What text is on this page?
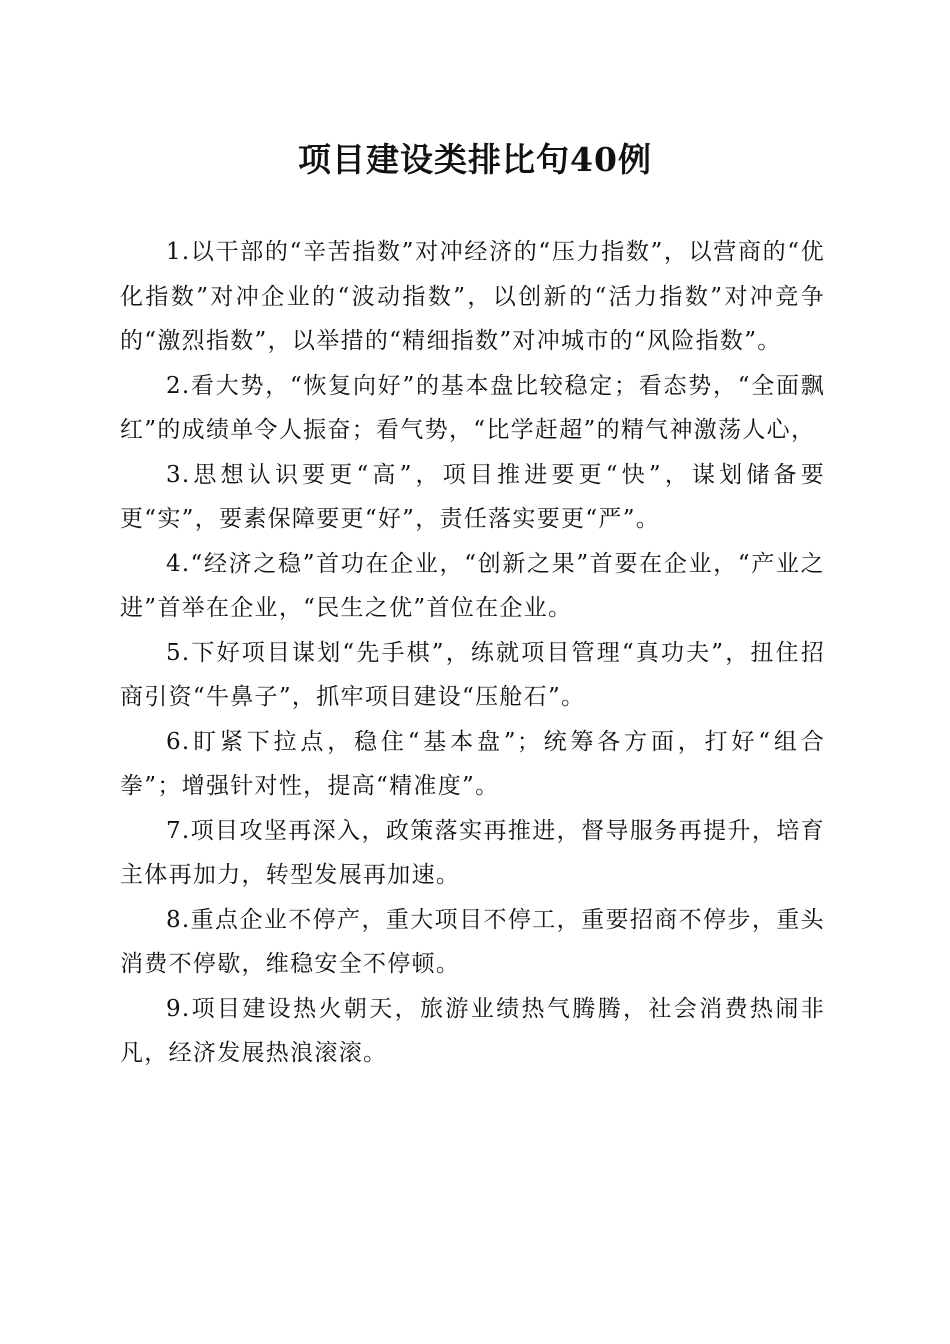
项目建设类排比句40例

1.以干部的“辛苦指数”对冲经济的“压力指数”，以营商的“优化指数”对冲企业的“波动指数”，以创新的“活力指数”对冲竞争的“激烈指数”，以举措的“精细指数”对冲城市的“风险指数”。

2.看大势，“恢复向好”的基本盘比较稳定；看态势，“全面飘红”的成绩单令人振奋；看气势，“比学赶超”的精气神激荡人心，

3.思想认识要更“高”，项目推进要更“快”，谋划储备要更“实”，要素保障要更“好”，责任落实要更“严”。

4.“经济之稳”首功在企业，“创新之果”首要在企业，“产业之进”首举在企业，“民生之优”首位在企业。

5.下好项目谋划“先手棋”，练就项目管理“真功夫”，扭住招商引资“牛鼻子”，抓牢项目建设“压舱石”。

6.盯紧下拉点，稳住“基本盘”；统筹各方面，打好“组合拳”；增强针对性，提高“精准度”。

7.项目攻坚再深入，政策落实再推进，督导服务再提升，培育主体再加力，转型发展再加速。

8.重点企业不停产，重大项目不停工，重要招商不停步，重头消费不停歇，维稳安全不停顿。

9.项目建设热火朝天，旅游业绩热气腾腾，社会消费热闹非凡，经济发展热浪滚滚。
